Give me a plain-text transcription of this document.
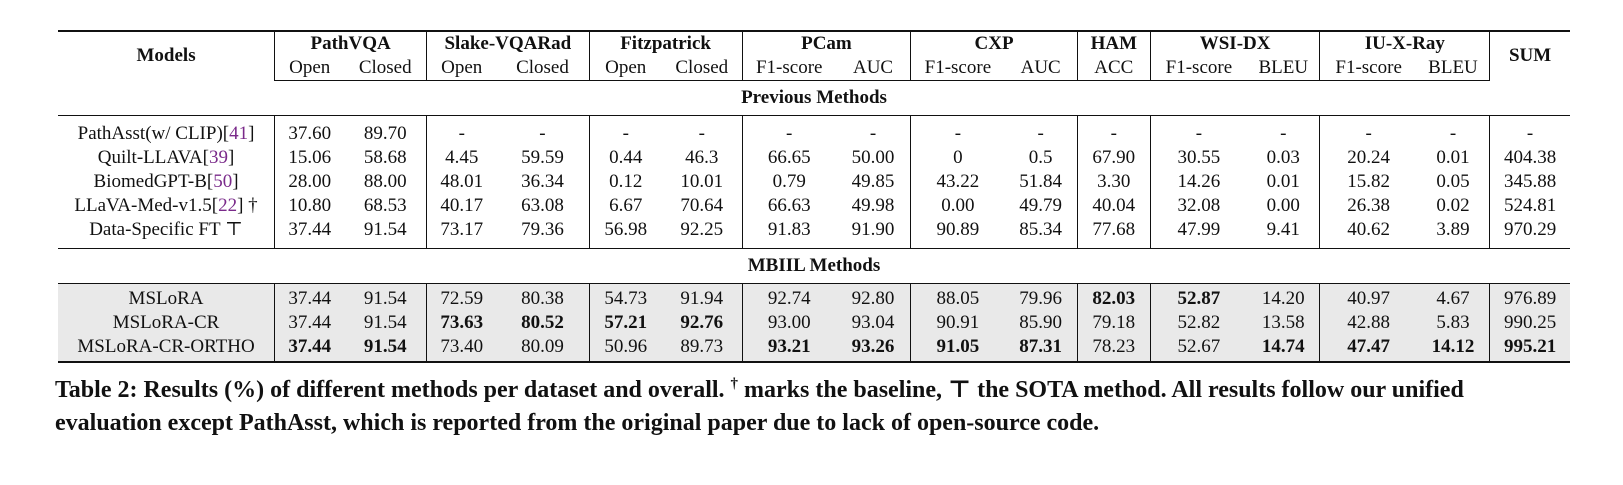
Models	PathVQA		Slake-VQARad		Fitzpatrick		PCam		CXP		HAM	WSI-DX		IU-X-Ray		SUM
	Open	Closed	Open	Closed	Open	Closed	F1-score	AUC	F1-score	AUC	ACC	F1-score	BLEU	F1-score	BLEU	
Previous Methods																
PathAsst(w/ CLIP)[41]	37.60	89.70	-	-	-	-	-	-	-	-	-	-	-	-	-	-
Quilt-LLAVA[39]	15.06	58.68	4.45	59.59	0.44	46.3	66.65	50.00	0	0.5	67.90	30.55	0.03	20.24	0.01	404.38
BiomedGPT-B[50]	28.00	88.00	48.01	36.34	0.12	10.01	0.79	49.85	43.22	51.84	3.30	14.26	0.01	15.82	0.05	345.88
LLaVA-Med-v1.5[22] †	10.80	68.53	40.17	63.08	6.67	70.64	66.63	49.98	0.00	49.79	40.04	32.08	0.00	26.38	0.02	524.81
Data-Specific FT ⊤	37.44	91.54	73.17	79.36	56.98	92.25	91.83	91.90	90.89	85.34	77.68	47.99	9.41	40.62	3.89	970.29
MBIIL Methods																
MSLoRA	37.44	91.54	72.59	80.38	54.73	91.94	92.74	92.80	88.05	79.96	82.03	52.87	14.20	40.97	4.67	976.89
MSLoRA-CR	37.44	91.54	73.63	80.52	57.21	92.76	93.00	93.04	90.91	85.90	79.18	52.82	13.58	42.88	5.83	990.25
MSLoRA-CR-ORTHO	37.44	91.54	73.40	80.09	50.96	89.73	93.21	93.26	91.05	87.31	78.23	52.67	14.74	47.47	14.12	995.21
Table 2: Results (%) of different methods per dataset and overall. † marks the baseline, ⊤ the SOTA method. All results follow our unified evaluation except PathAsst, which is reported from the original paper due to lack of open-source code.
